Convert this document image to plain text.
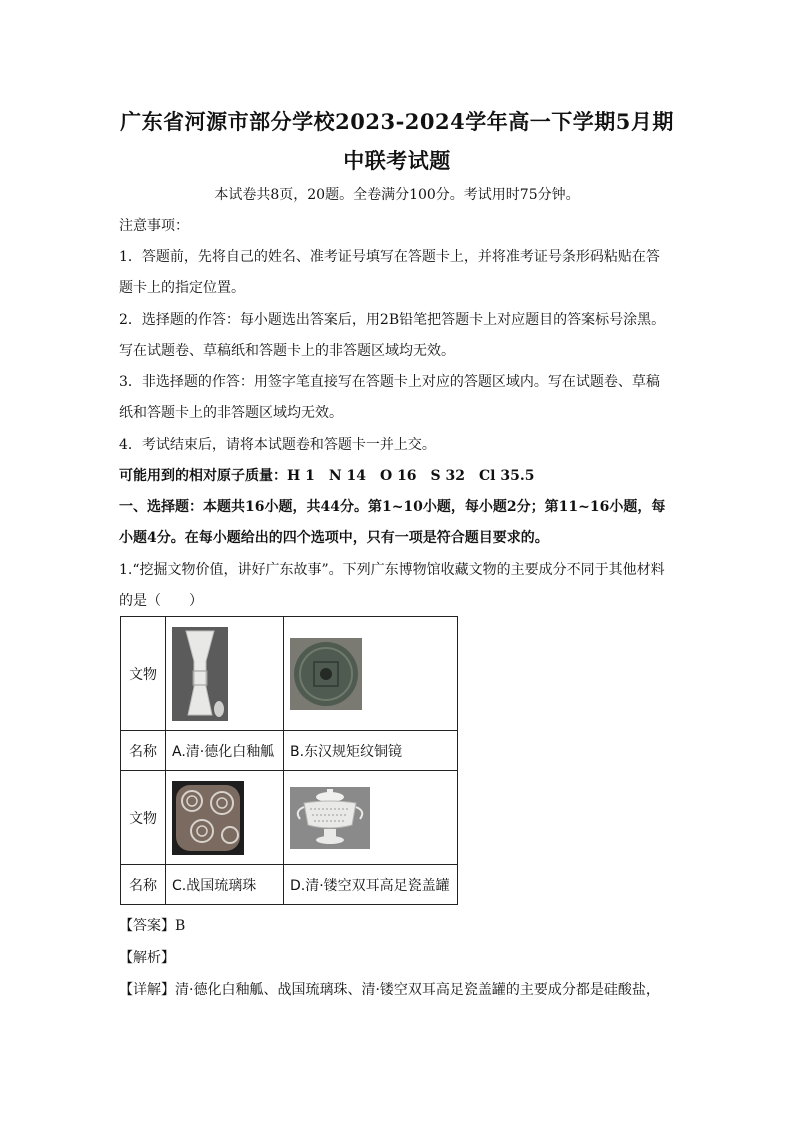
广东省河源市部分学校2023-2024学年高一下学期5月期
中联考试题
本试卷共8页，20题。全卷满分100分。考试用时75分钟。
注意事项：
1．答题前，先将自己的姓名、准考证号填写在答题卡上，并将准考证号条形码粘贴在答
题卡上的指定位置。
2．选择题的作答：每小题选出答案后，用2B铅笔把答题卡上对应题目的答案标号涂黑。
写在试题卷、草稿纸和答题卡上的非答题区域均无效。
3．非选择题的作答：用签字笔直接写在答题卡上对应的答题区域内。写在试题卷、草稿
纸和答题卡上的非答题区域均无效。
4．考试结束后，请将本试题卷和答题卡一并上交。
可能用到的相对原子质量：H 1　N 14　O 16　S 32　Cl 35.5
一、选择题：本题共16小题，共44分。第1~10小题，每小题2分；第11~16小题，每
小题4分。在每小题给出的四个选项中，只有一项是符合题目要求的。
1.“挖掘文物价值，讲好广东故事”。下列广东博物馆收藏文物的主要成分不同于其他材料
的是（　　）
文物	

名称	A.清·德化白釉觚	B.东汉规矩纹铜镜
文物	

名称	C.战国琉璃珠	D.清·镂空双耳高足瓷盖罐
【答案】B
【解析】
【详解】清·德化白釉觚、战国琉璃珠、清·镂空双耳高足瓷盖罐的主要成分都是硅酸盐，
